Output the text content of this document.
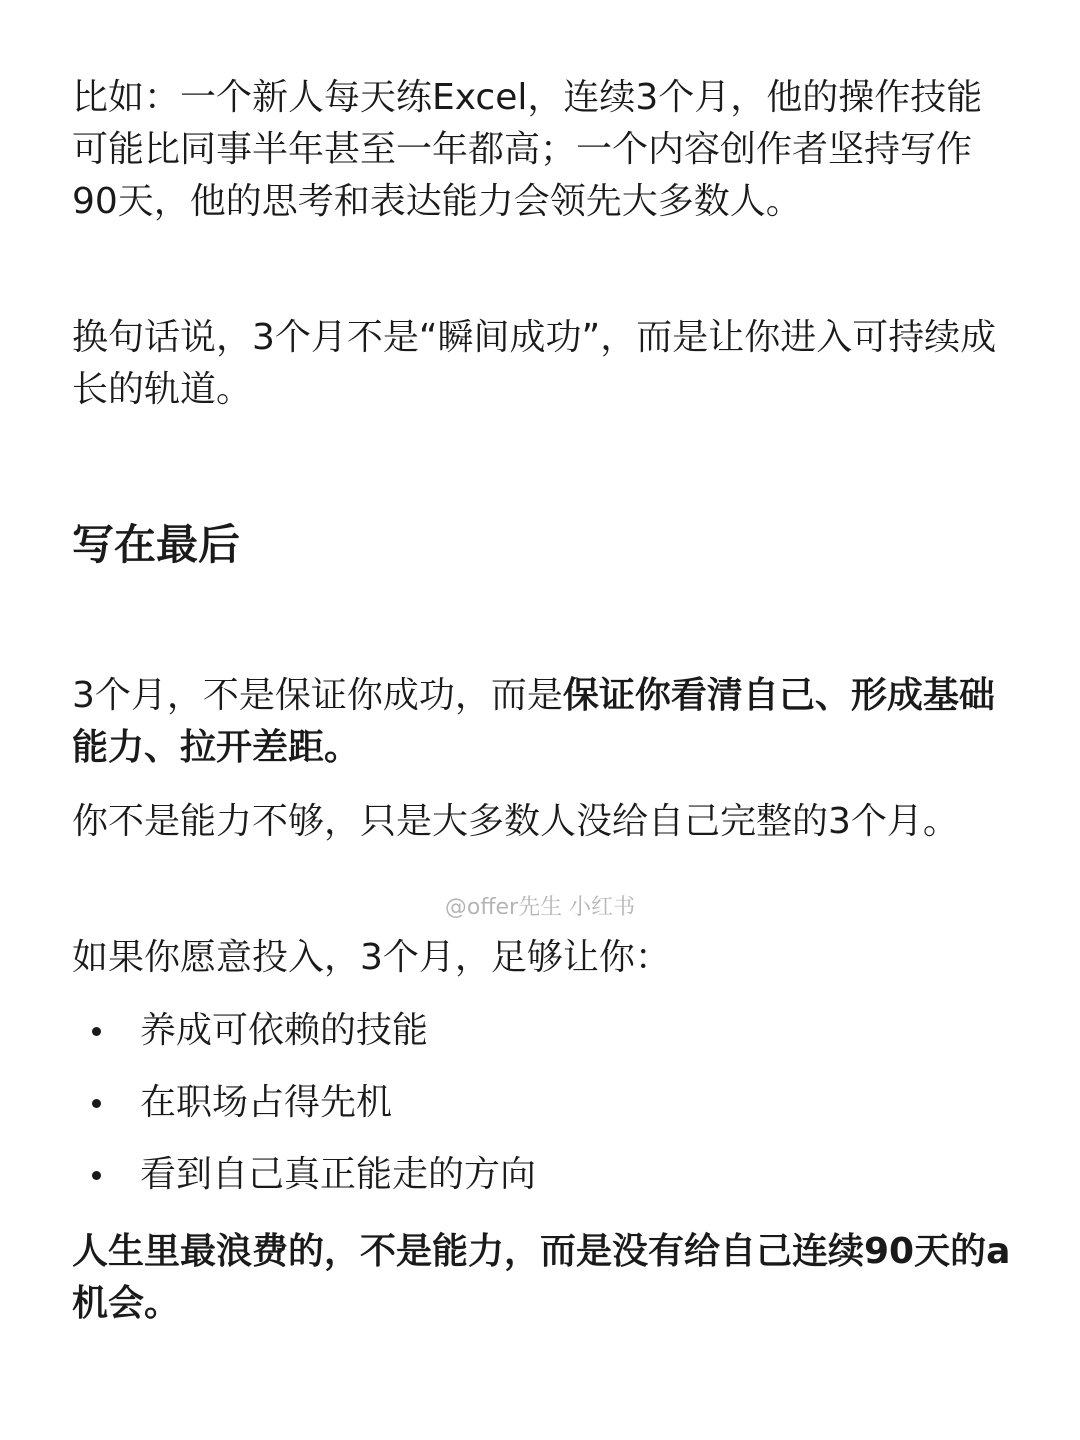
比如：一个新人每天练Excel，连续3个月，他的操作技能可能比同事半年甚至一年都高；一个内容创作者坚持写作90天，他的思考和表达能力会领先大多数人。

换句话说，3个月不是“瞬间成功”，而是让你进入可持续成长的轨道。

写在最后

3个月，不是保证你成功，而是保证你看清自己、形成基础能力、拉开差距。

你不是能力不够，只是大多数人没给自己完整的3个月。

@offer先生 小红书

如果你愿意投入，3个月，足够让你：

养成可依赖的技能
在职场占得先机
看到自己真正能走的方向

人生里最浪费的，不是能力，而是没有给自己连续90天的a机会。
